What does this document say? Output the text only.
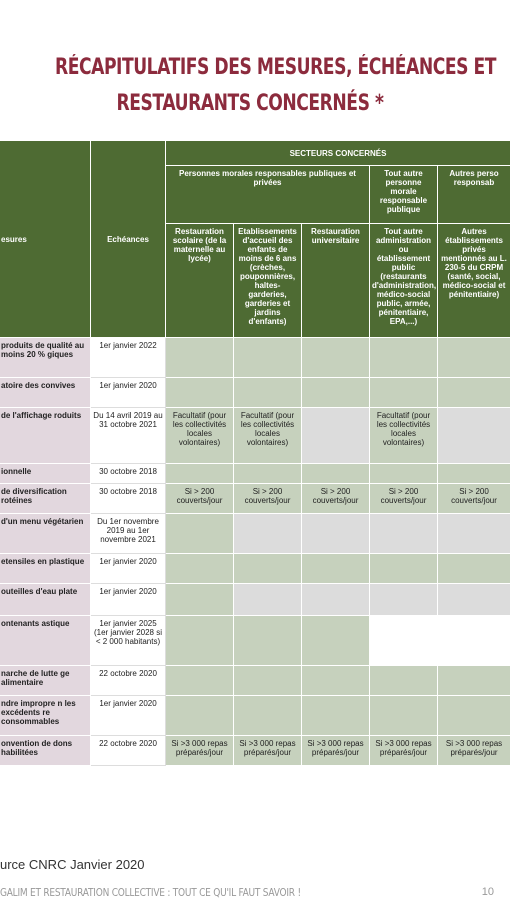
RÉCAPITULATIFS DES MESURES, ÉCHÉANCES ET
RESTAURANTS CONCERNÉS *
esures	Echéances	SECTEURS CONCERNÉS				
		Personnes morales responsables publiques et privées			Tout autre personne morale responsable publique	Autres perso responsab
		Restauration scolaire (de la maternelle au lycée)	Etablissements d'accueil des enfants de moins de 6 ans (crèches, pouponnières, haltes-garderies, garderies et jardins d'enfants)	Restauration universitaire	Tout autre administration ou établissement public (restaurants d'administration, médico-social public, armée, pénitentiaire, EPA,...)	Autres établissements privés mentionnés au L. 230-5 du CRPM (santé, social, médico-social et pénitentiaire)
produits de qualité au moins 20 % giques	1er janvier 2022					
atoire des convives	1er janvier 2020					
de l'affichage roduits	Du 14 avril 2019 au 31 octobre 2021	Facultatif (pour les collectivités locales volontaires)	Facultatif (pour les collectivités locales volontaires)		Facultatif (pour les collectivités locales volontaires)	
ionnelle	30 octobre 2018					
de diversification rotéines	30 octobre 2018	Si > 200 couverts/jour	Si > 200 couverts/jour	Si > 200 couverts/jour	Si > 200 couverts/jour	Si > 200 couverts/jour
d'un menu végétarien	Du 1er novembre 2019 au 1er novembre 2021					
etensiles en plastique	1er janvier 2020					
outeilles d'eau plate	1er janvier 2020					
ontenants astique	1er janvier 2025 (1er janvier 2028 si < 2 000 habitants)					
narche de lutte ge alimentaire	22 octobre 2020					
ndre impropre n les excédents re consommables	1er janvier 2020					
onvention de dons habilitées	22 octobre 2020	Si >3 000 repas préparés/jour	Si >3 000 repas préparés/jour	Si >3 000 repas préparés/jour	Si >3 000 repas préparés/jour	Si >3 000 repas préparés/jour
urce CNRC Janvier 2020
GALIM ET RESTAURATION COLLECTIVE : TOUT CE QU'IL FAUT SAVOIR !	10
